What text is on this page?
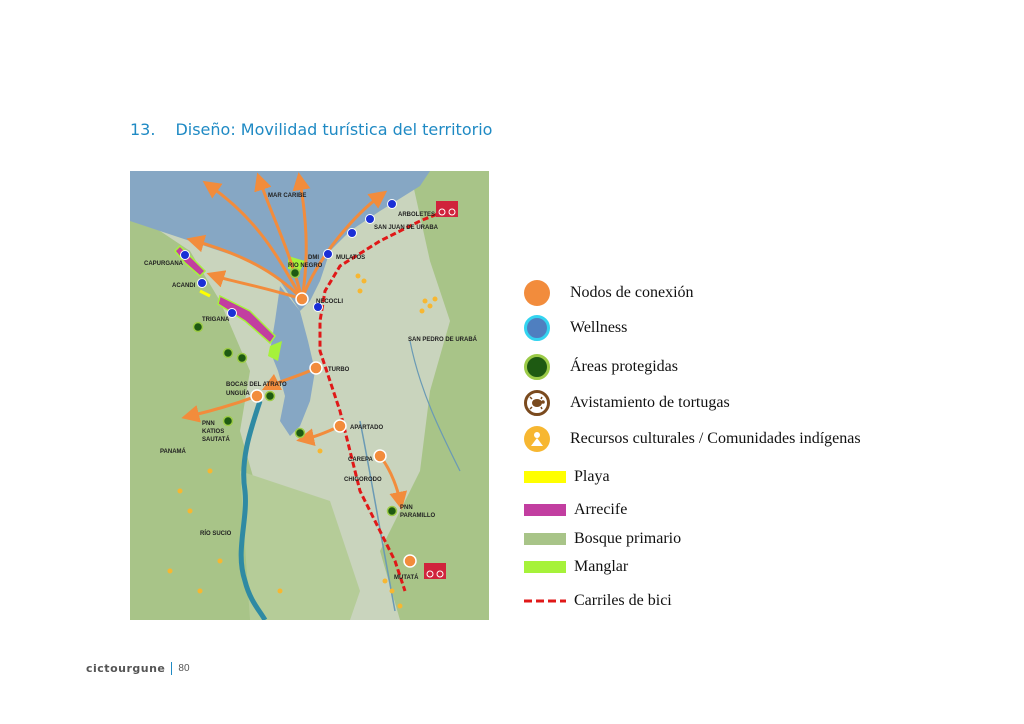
13. Diseño: Movilidad turística del territorio
MAR CARIBE
ARBOLETES
SAN JUAN DE URABA
MULATOS
DMI
RIO NEGRO
CAPURGANA
ACANDI
NECOCLI
TRIGANA
SAN PEDRO DE URABÁ
TURBO
BOCAS DEL ATRATO
UNGUÍA
PNN
KATIOS
SAUTATÁ
APARTADO
PANAMÁ
CAREPA
CHIGORODO
PNN
PARAMILLO
RÍO SUCIO
MUTATÁ
Nodos de conexión
Wellness
Áreas protegidas
Avistamiento de tortugas
Recursos culturales / Comunidades indígenas
Playa
Arrecife
Bosque primario
Manglar
Carriles de bici
cictourgune 80
